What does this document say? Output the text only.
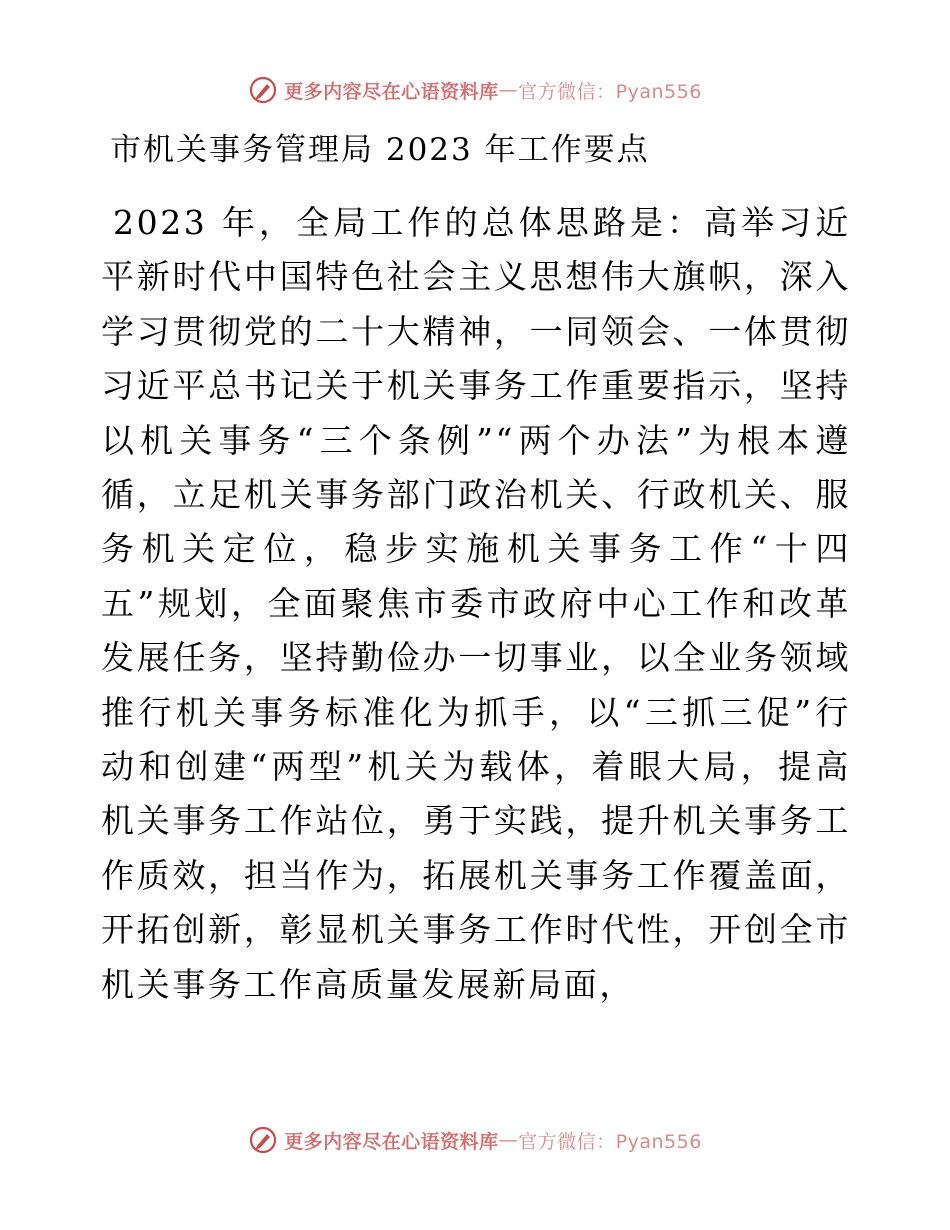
更多内容尽在心语资料库 — 官方微信：Pyan556
市机关事务管理局 2023 年工作要点

2023 年，全局工作的总体思路是：高举习近平新时代中国特色社会主义思想伟大旗帜，深入学习贯彻党的二十大精神，一同领会、一体贯彻习近平总书记关于机关事务工作重要指示，坚持以机关事务“三个条例”“两个办法”为根本遵循，立足机关事务部门政治机关、行政机关、服务机关定位，稳步实施机关事务工作“十四五”规划，全面聚焦市委市政府中心工作和改革发展任务，坚持勤俭办一切事业，以全业务领域推行机关事务标准化为抓手，以“三抓三促”行动和创建“两型”机关为载体，着眼大局，提高机关事务工作站位，勇于实践，提升机关事务工作质效，担当作为，拓展机关事务工作覆盖面，开拓创新，彰显机关事务工作时代性，开创全市机关事务工作高质量发展新局面，

更多内容尽在心语资料库 — 官方微信：Pyan556
